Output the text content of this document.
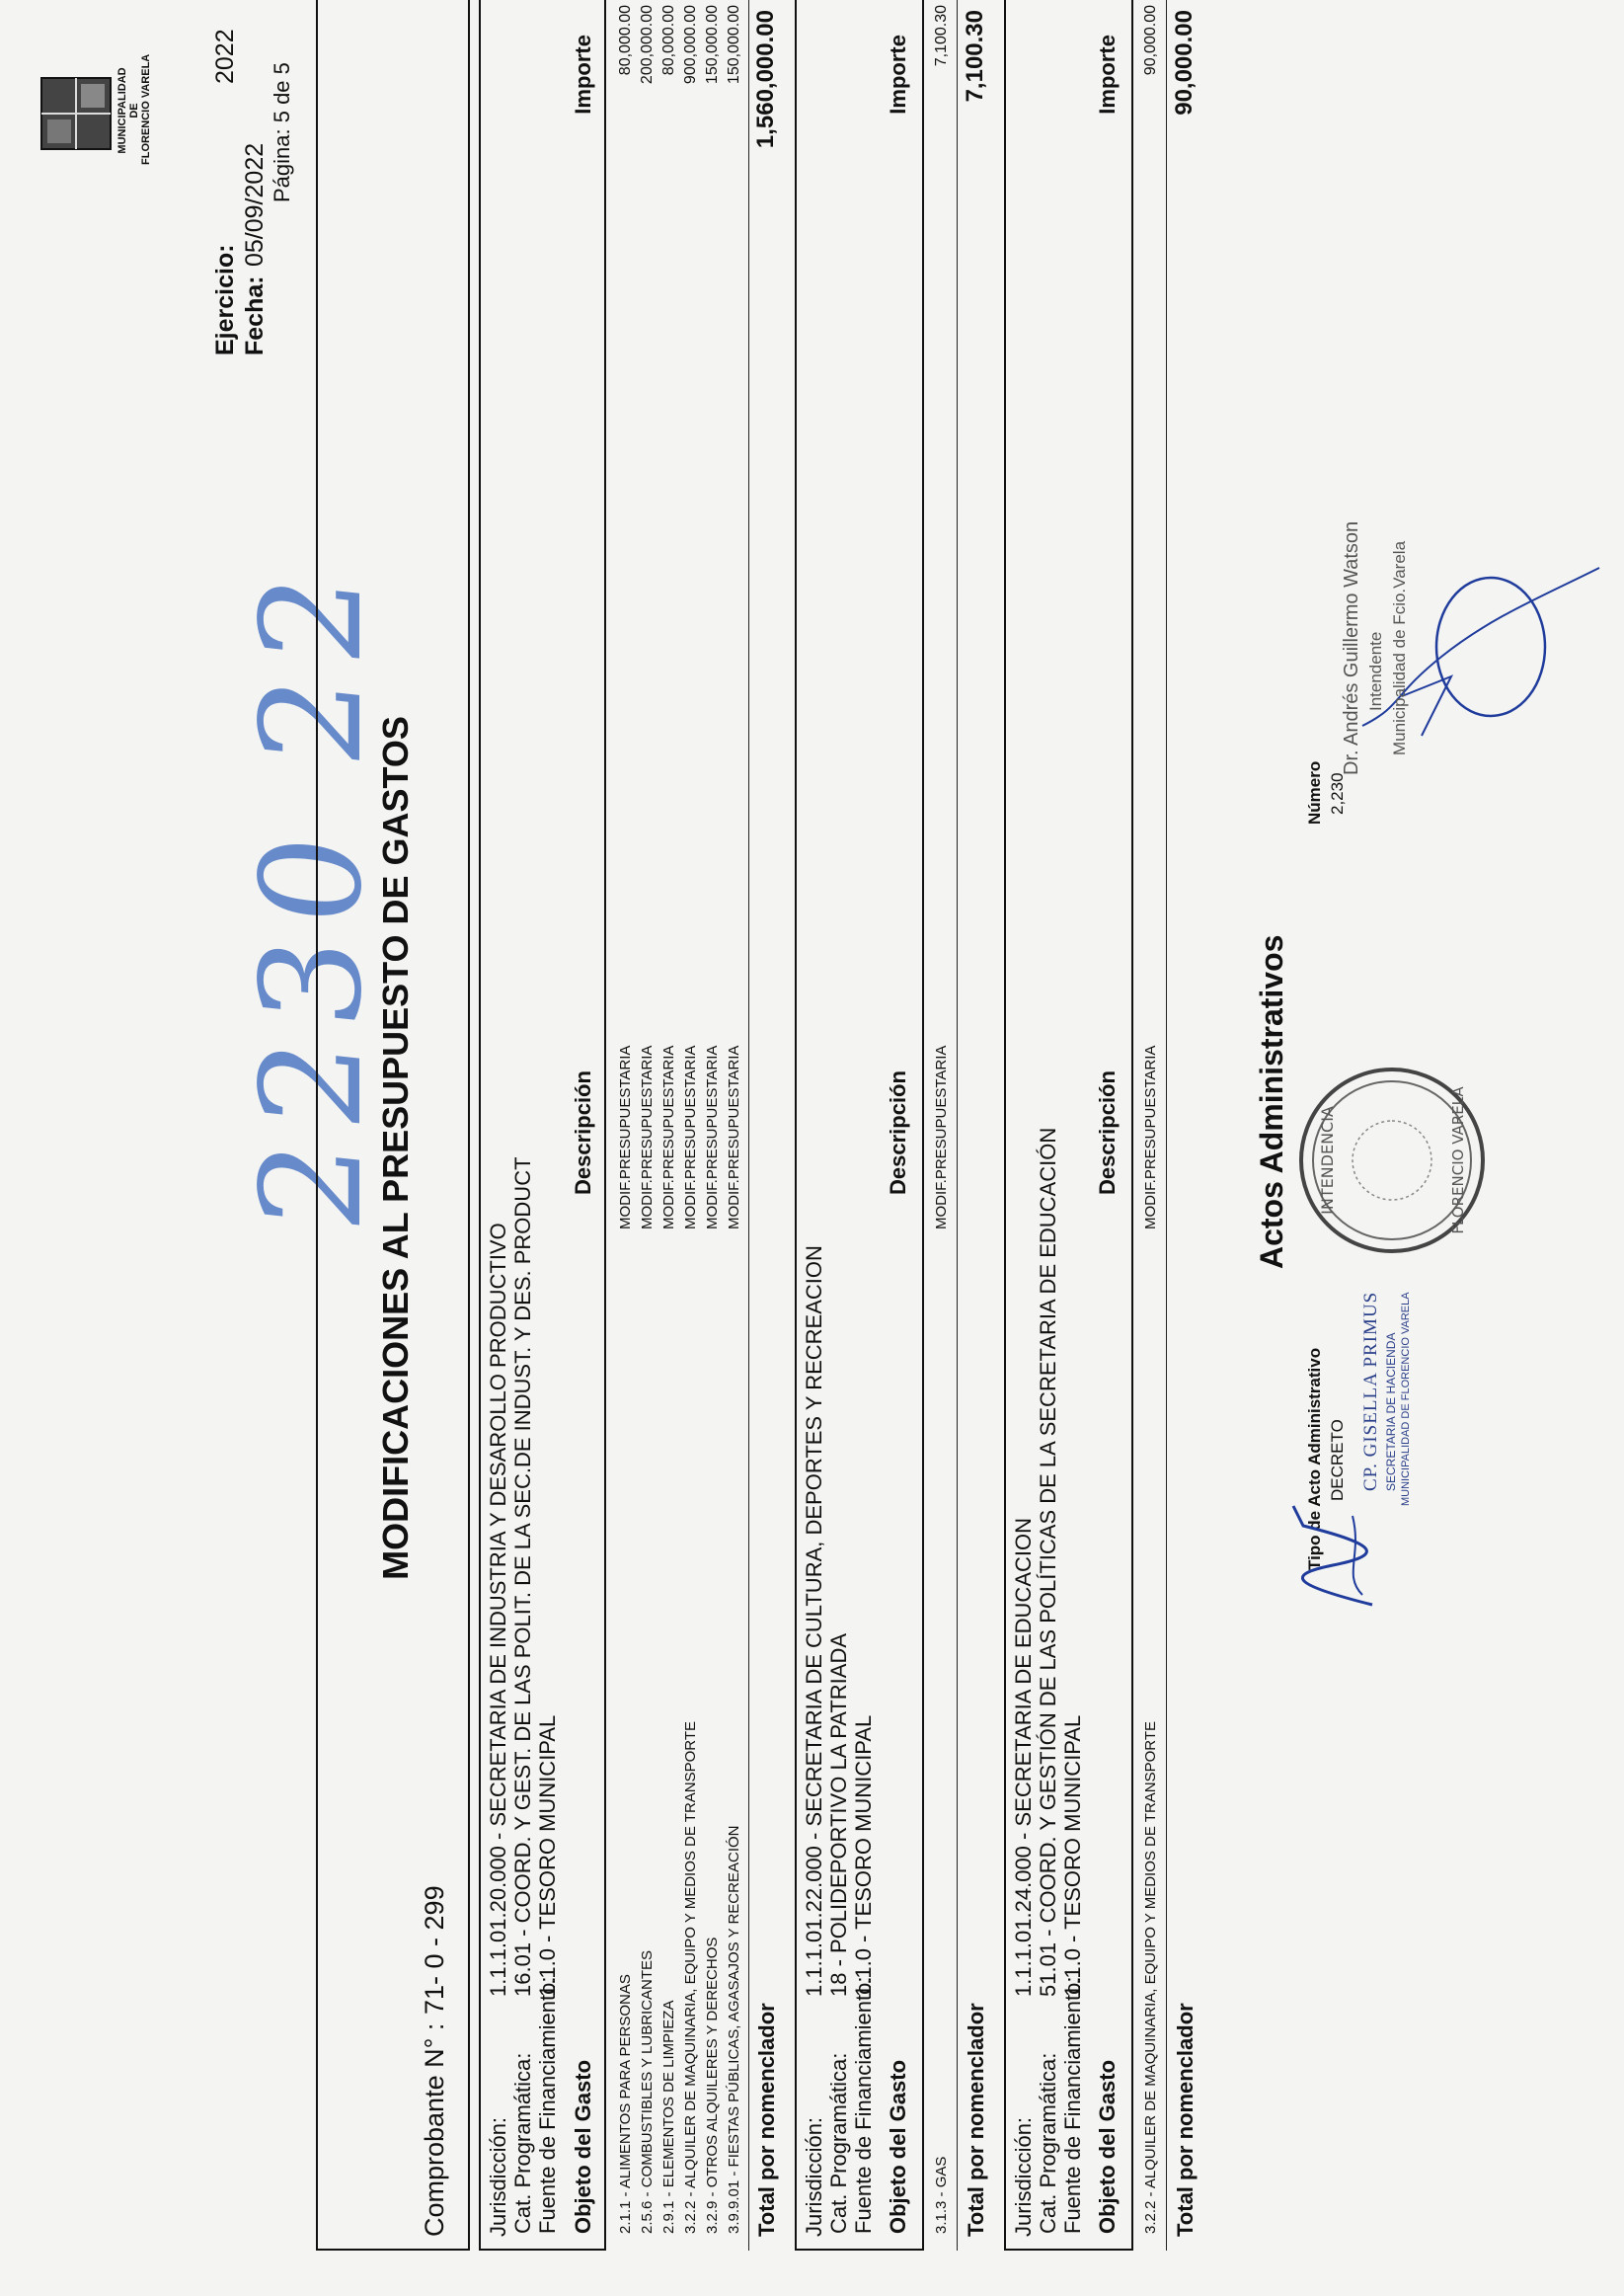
MUNICIPALIDAD DE FLORENCIO VARELA
Ejercicio:
2022
Fecha:
05/09/2022
Página: 5 de 5
2230 22
MODIFICACIONES AL PRESUPUESTO DE GASTOS
Comprobante N° :
71- 0 - 299
Jurisdicción: Cat. Programática: Fuente de Financiamiento:
1.1.1.01.20.000 - SECRETARIA DE INDUSTRIA Y DESAROLLO PRODUCTIVO 16.01 - COORD. Y GEST. DE LAS POLIT. DE LA SEC.DE INDUST. Y DES. PRODUCT 1.1.0 - TESORO MUNICIPAL
Objeto del Gasto
Descripción
Importe
2.1.1 - ALIMENTOS PARA PERSONAS
MODIF.PRESUPUESTARIA
80,000.00
2.5.6 - COMBUSTIBLES Y LUBRICANTES
MODIF.PRESUPUESTARIA
200,000.00
2.9.1 - ELEMENTOS DE LIMPIEZA
MODIF.PRESUPUESTARIA
80,000.00
3.2.2 - ALQUILER DE MAQUINARIA, EQUIPO Y MEDIOS DE TRANSPORTE
MODIF.PRESUPUESTARIA
900,000.00
3.2.9 - OTROS ALQUILERES Y DERECHOS
MODIF.PRESUPUESTARIA
150,000.00
3.9.9.01 - FIESTAS PÚBLICAS, AGASAJOS Y RECREACIÓN
MODIF.PRESUPUESTARIA
150,000.00
Total por nomenclador
1,560,000.00
Jurisdicción: Cat. Programática: Fuente de Financiamiento:
1.1.1.01.22.000 - SECRETARIA DE CULTURA, DEPORTES Y RECREACION 18 - POLIDEPORTIVO LA PATRIADA 1.1.0 - TESORO MUNICIPAL
Objeto del Gasto
Descripción
Importe
3.1.3 - GAS
MODIF.PRESUPUESTARIA
7,100.30
Total por nomenclador
7,100.30
Jurisdicción: Cat. Programática: Fuente de Financiamiento:
1.1.1.01.24.000 - SECRETARIA DE EDUCACION 51.01 - COORD. Y GESTIÓN DE LAS POLÍTICAS DE LA SECRETARIA DE EDUCACIÓN 1.1.0 - TESORO MUNICIPAL
Objeto del Gasto
Descripción
Importe
3.2.2 - ALQUILER DE MAQUINARIA, EQUIPO Y MEDIOS DE TRANSPORTE
MODIF.PRESUPUESTARIA
90,000.00
Total por nomenclador
90,000.00
Actos Administrativos
Tipo de Acto Administrativo DECRETO
Número 2,230
INTENDENCIA	FLORENCIO VARELA
CP. GISELLA PRIMUS SECRETARIA DE HACIENDA MUNICIPALIDAD DE FLORENCIO VARELA
Dr. Andrés Guillermo Watson Intendente Municipalidad de Fcio.Varela
